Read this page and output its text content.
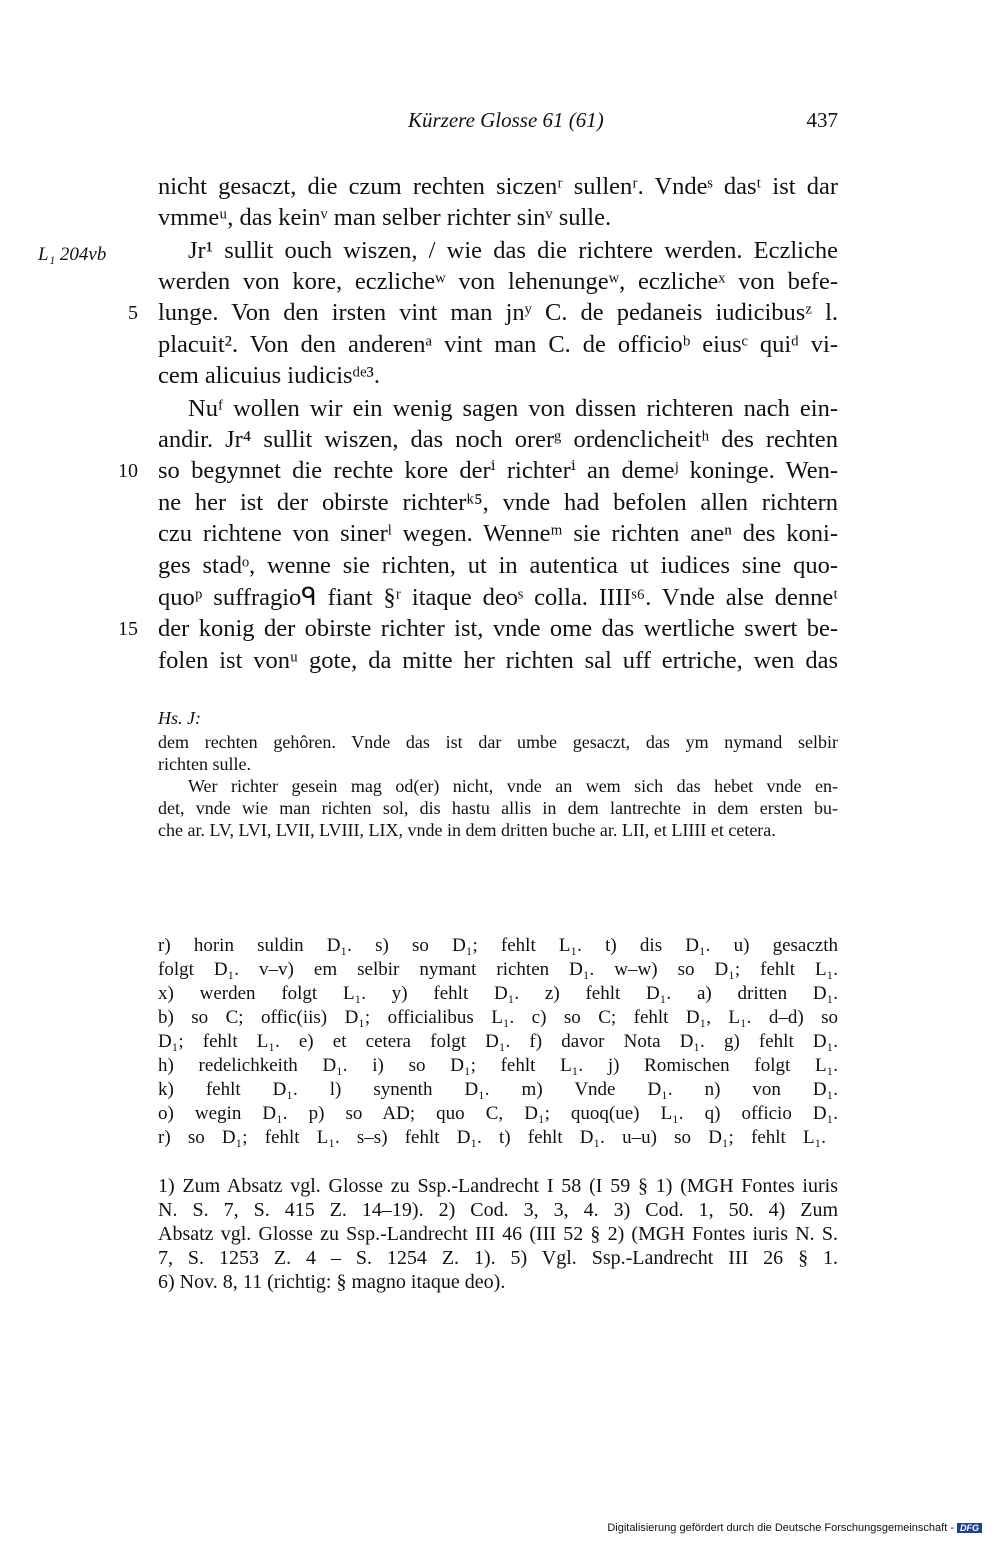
Kürzere Glosse 61 (61)	437
L₁ 204vb
nicht gesaczt, die czum rechten siczenʳ sullenʳ. Vndeˢ dasᵗ ist dar
vmmeᵘ, das keinᵛ man selber richter sinᵛ sulle.
Jr¹ sullit ouch wiszen, / wie das die richtere werden. Eczliche
werden von kore, eczlicheʷ von lehenungeʷ, eczlicheˣ von befe-
lunge. Von den irsten vint man jnʸ C. de pedaneis iudicibusᶻ l.
placuit². Von den anderenᵃ vint man C. de officioᵇ eiusᶜ quiᵈ vi-
cem alicuius iudicisᵈᵉ³.
Nuᶠ wollen wir ein wenig sagen von dissen richteren nach ein-
andir. Jr⁴ sullit wiszen, das noch orerᵍ ordenclicheitʰ des rechten
so begynnet die rechte kore derⁱ richterⁱ an demeʲ koninge. Wen-
ne her ist der obirste richterᵏ⁵, vnde had befolen allen richtern
czu richtene von sinerˡ wegen. Wenneᵐ sie richten aneⁿ des koni-
ges stadᵒ, wenne sie richten, ut in autentica ut iudices sine quo-
quoᵖ suffragioᑫ fiant §ʳ itaque deoˢ colla. IIIIˢ⁶. Vnde alse denneᵗ
der konig der obirste richter ist, vnde ome das wertliche swert be-
folen ist vonᵘ gote, da mitte her richten sal uff ertriche, wen das
5
10
15
Hs. J:
dem rechten gehôren. Vnde das ist dar umbe gesaczt, das ym nymand selbir
richten sulle.
Wer richter gesein mag od(er) nicht, vnde an wem sich das hebet vnde en-
det, vnde wie man richten sol, dis hastu allis in dem lantrechte in dem ersten bu-
che ar. LV, LVI, LVII, LVIII, LIX, vnde in dem dritten buche ar. LII, et LIIII et cetera.
r) horin suldin D₁. s) so D₁; fehlt L₁. t) dis D₁. u) gesaczth
folgt D₁. v–v) em selbir nymant richten D₁. w–w) so D₁; fehlt L₁.
x) werden folgt L₁. y) fehlt D₁. z) fehlt D₁. a) dritten D₁.
b) so C; offic(iis) D₁; officialibus L₁. c) so C; fehlt D₁, L₁. d–d) so
D₁; fehlt L₁. e) et cetera folgt D₁. f) davor Nota D₁. g) fehlt D₁.
h) redelichkeith D₁. i) so D₁; fehlt L₁. j) Romischen folgt L₁.
k) fehlt D₁. l) synenth D₁. m) Vnde D₁. n) von D₁.
o) wegin D₁. p) so AD; quo C, D₁; quoq(ue) L₁. q) officio D₁.
r) so D₁; fehlt L₁. s–s) fehlt D₁. t) fehlt D₁. u–u) so D₁; fehlt L₁.
1) Zum Absatz vgl. Glosse zu Ssp.-Landrecht I 58 (I 59 § 1) (MGH Fontes iuris
N. S. 7, S. 415 Z. 14–19). 2) Cod. 3, 3, 4. 3) Cod. 1, 50. 4) Zum
Absatz vgl. Glosse zu Ssp.-Landrecht III 46 (III 52 § 2) (MGH Fontes iuris N. S.
7, S. 1253 Z. 4 – S. 1254 Z. 1). 5) Vgl. Ssp.-Landrecht III 26 § 1.
6) Nov. 8, 11 (richtig: § magno itaque deo).
Digitalisierung gefördert durch die Deutsche Forschungsgemeinschaft - DFG
